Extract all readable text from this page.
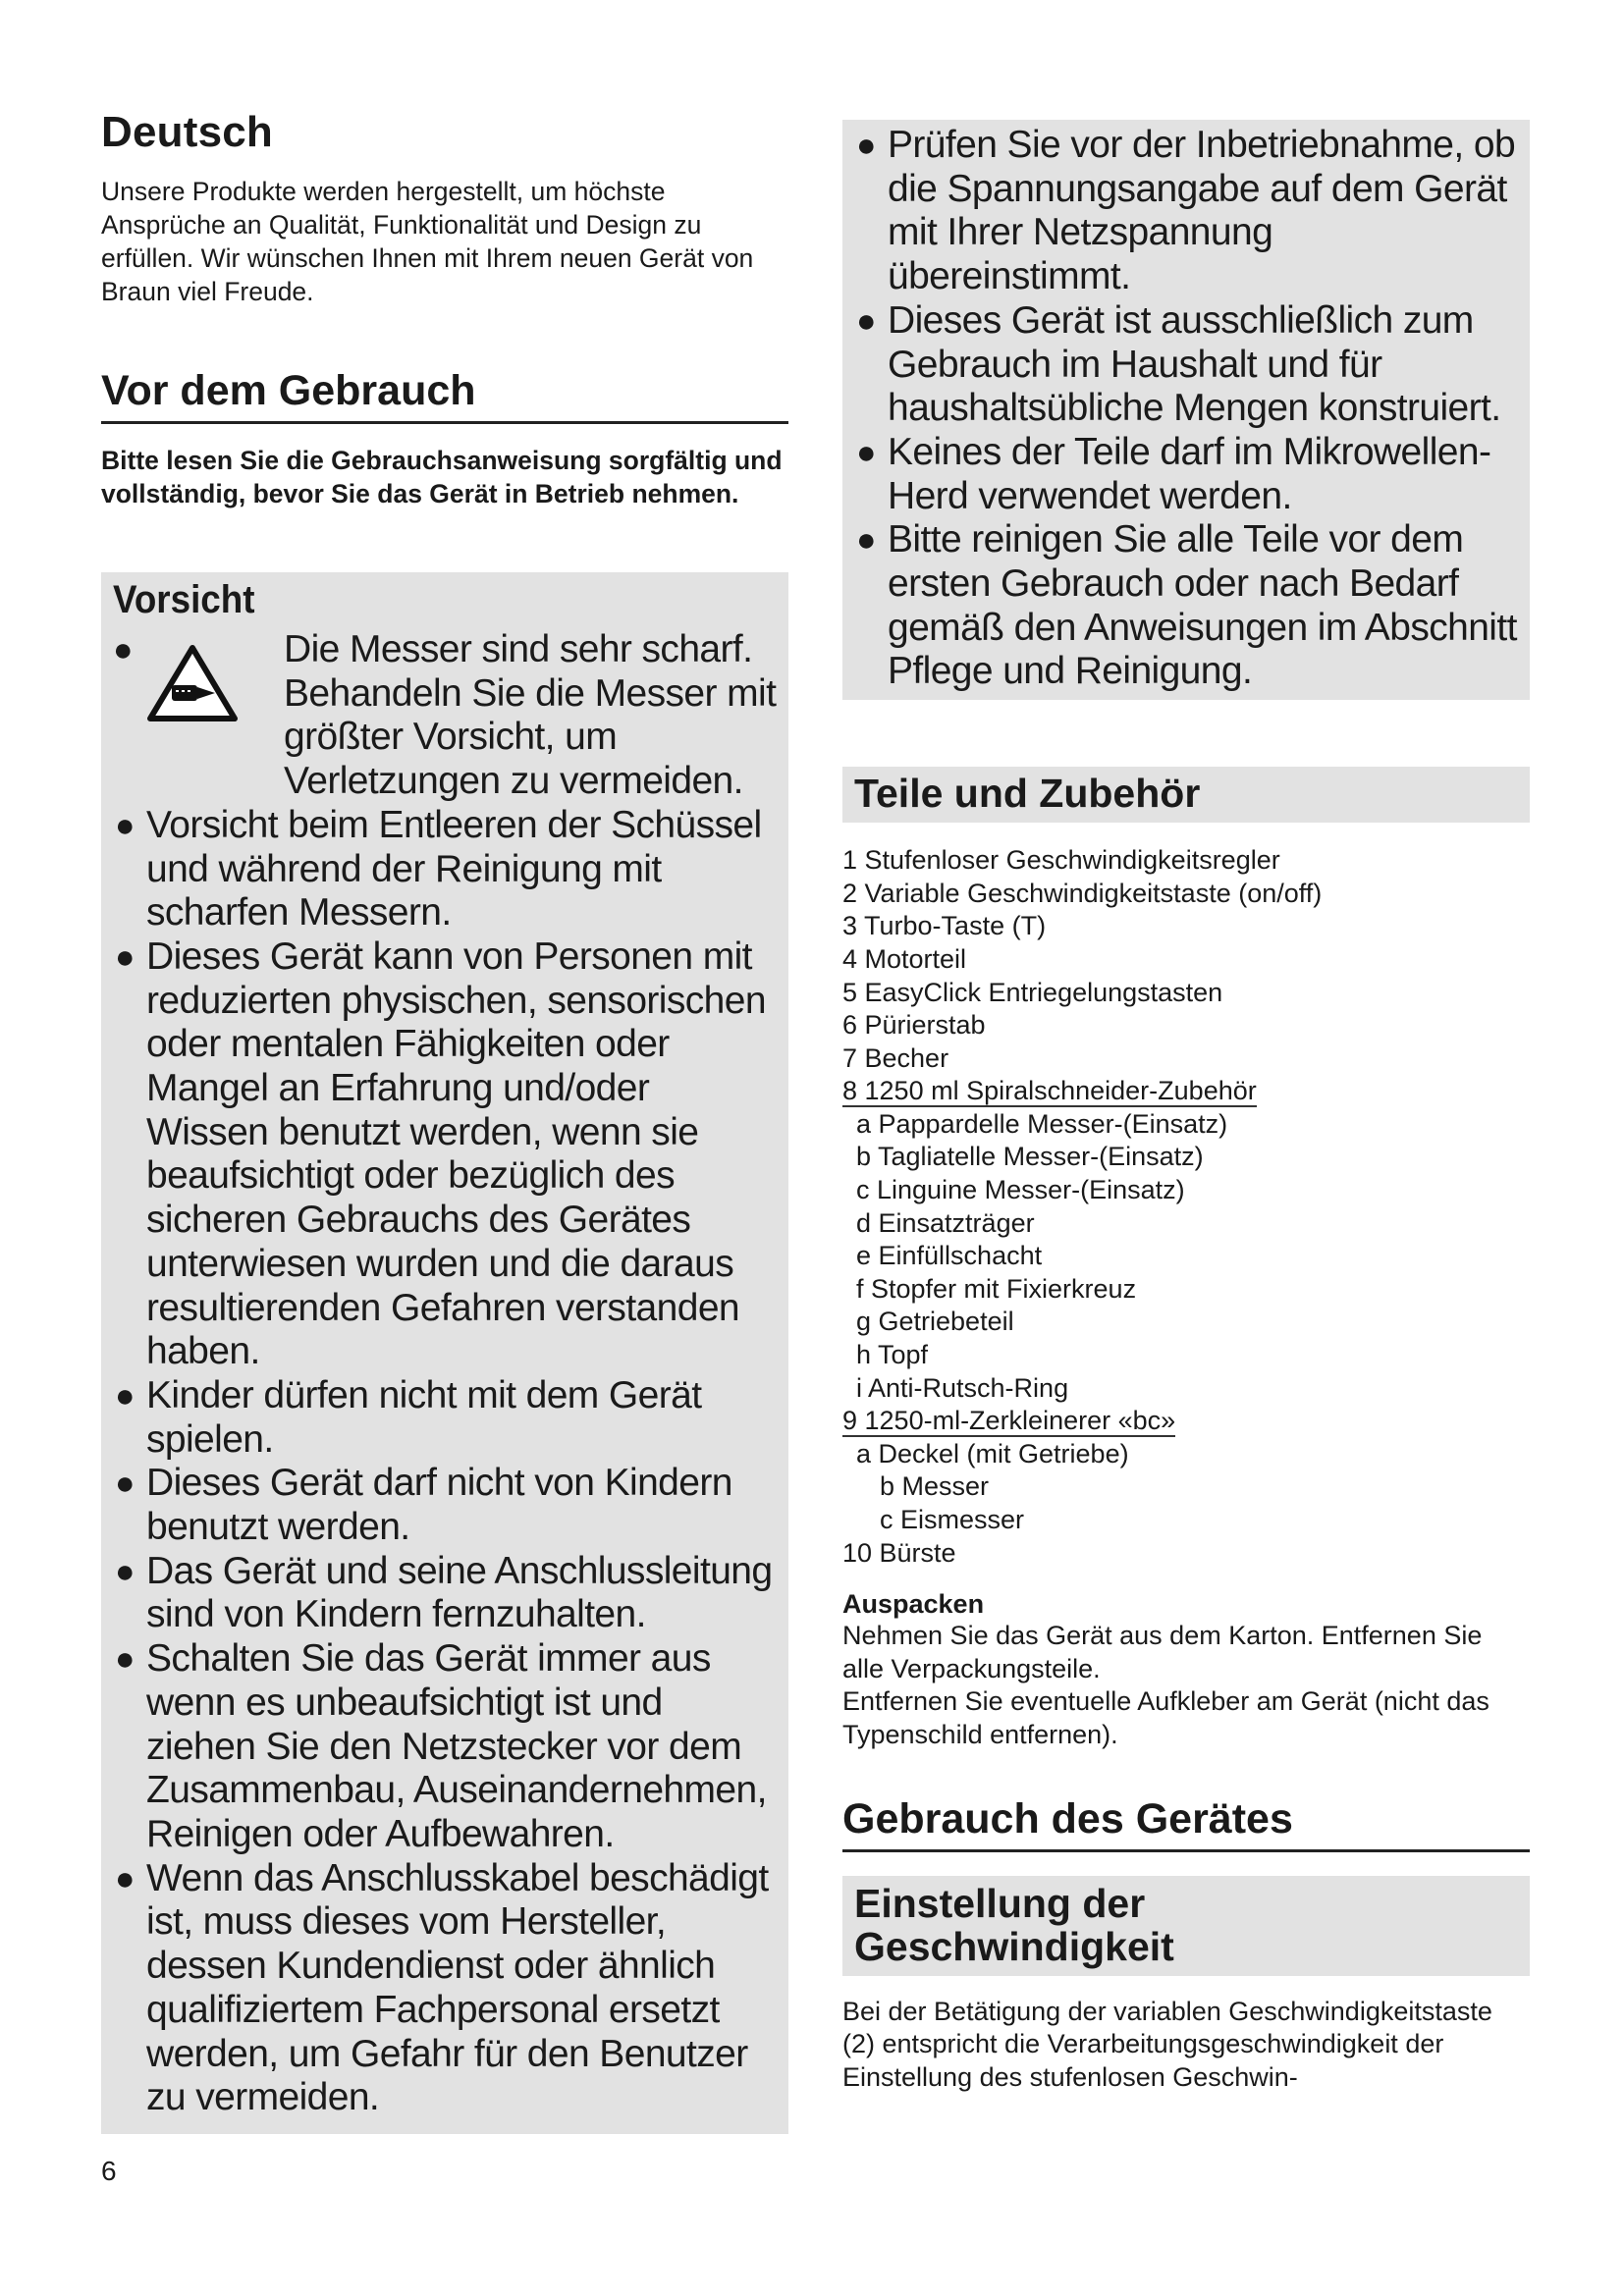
Deutsch

Unsere Produkte werden hergestellt, um höchste Ansprüche an Qualität, Funktionalität und Design zu erfüllen. Wir wünschen Ihnen mit Ihrem neuen Gerät von Braun viel Freude.

Vor dem Gebrauch

Bitte lesen Sie die Gebrauchsanweisung sorgfältig und vollständig, bevor Sie das Gerät in Betrieb nehmen.

Vorsicht
●	Die Messer sind sehr scharf. Behandeln Sie die Messer mit größter Vorsicht, um Verletzungen zu vermeiden.
● Vorsicht beim Entleeren der Schüssel und während der Reinigung mit scharfen Messern.
● Dieses Gerät kann von Personen mit reduzierten physischen, sensorischen oder mentalen Fähigkeiten oder Mangel an Erfahrung und/oder Wissen benutzt werden, wenn sie beaufsichtigt oder bezüglich des sicheren Gebrauchs des Gerätes unterwiesen wurden und die daraus resultierenden Gefahren verstanden haben.
● Kinder dürfen nicht mit dem Gerät spielen.
● Dieses Gerät darf nicht von Kindern benutzt werden.
● Das Gerät und seine Anschlussleitung sind von Kindern fernzuhalten.
● Schalten Sie das Gerät immer aus wenn es unbeaufsichtigt ist und ziehen Sie den Netzstecker vor dem Zusammenbau, Auseinandernehmen, Reinigen oder Aufbewahren.
● Wenn das Anschlusskabel beschädigt ist, muss dieses vom Hersteller, dessen Kundendienst oder ähnlich qualifiziertem Fachpersonal ersetzt werden, um Gefahr für den Benutzer zu vermeiden.
● Prüfen Sie vor der Inbetriebnahme, ob die Spannungsangabe auf dem Gerät mit Ihrer Netzspannung übereinstimmt.
● Dieses Gerät ist ausschließlich zum Gebrauch im Haushalt und für haushaltsübliche Mengen konstruiert.
● Keines der Teile darf im Mikrowellen-Herd verwendet werden.
● Bitte reinigen Sie alle Teile vor dem ersten Gebrauch oder nach Bedarf gemäß den Anweisungen im Abschnitt Pflege und Reinigung.
Teile und Zubehör
1 Stufenloser Geschwindigkeitsregler
2 Variable Geschwindigkeitstaste (on/off)
3 Turbo-Taste (T)
4 Motorteil
5 EasyClick Entriegelungstasten
6 Pürierstab
7 Becher
8 1250 ml Spiralschneider-Zubehör
a Pappardelle Messer-(Einsatz)
b Tagliatelle Messer-(Einsatz)
c Linguine Messer-(Einsatz)
d Einsatzträger
e Einfüllschacht
f Stopfer mit Fixierkreuz
g Getriebeteil
h Topf
i Anti-Rutsch-Ring
9 1250-ml-Zerkleinerer «bc»
a Deckel (mit Getriebe)
b Messer
c Eismesser
10 Bürste
Auspacken

Nehmen Sie das Gerät aus dem Karton. Entfernen Sie alle Verpackungsteile.

Entfernen Sie eventuelle Aufkleber am Gerät (nicht das Typenschild entfernen).

Gebrauch des Gerätes
Einstellung der
Geschwindigkeit

Bei der Betätigung der variablen Geschwindigkeitstaste (2) entspricht die Verarbeitungsgeschwindigkeit der Einstellung des stufenlosen Geschwin-

6
